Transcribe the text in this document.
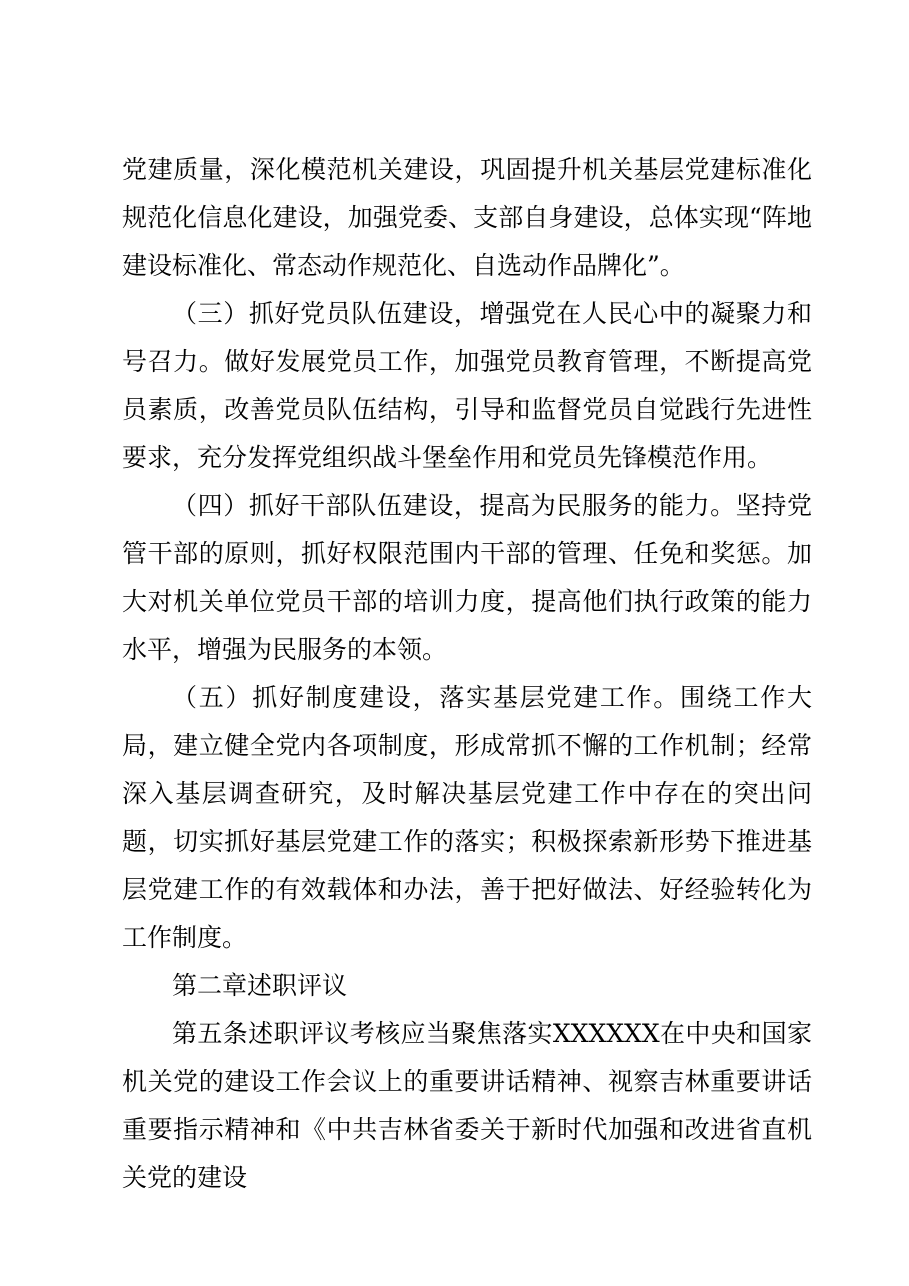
党建质量，深化模范机关建设，巩固提升机关基层党建标准化规范化信息化建设，加强党委、支部自身建设，总体实现“阵地建设标准化、常态动作规范化、自选动作品牌化”。

（三）抓好党员队伍建设，增强党在人民心中的凝聚力和号召力。做好发展党员工作，加强党员教育管理，不断提高党员素质，改善党员队伍结构，引导和监督党员自觉践行先进性要求，充分发挥党组织战斗堡垒作用和党员先锋模范作用。

（四）抓好干部队伍建设，提高为民服务的能力。坚持党管干部的原则，抓好权限范围内干部的管理、任免和奖惩。加大对机关单位党员干部的培训力度，提高他们执行政策的能力水平，增强为民服务的本领。

（五）抓好制度建设，落实基层党建工作。围绕工作大局，建立健全党内各项制度，形成常抓不懈的工作机制；经常深入基层调查研究，及时解决基层党建工作中存在的突出问题，切实抓好基层党建工作的落实；积极探索新形势下推进基层党建工作的有效载体和办法，善于把好做法、好经验转化为工作制度。

第二章述职评议

第五条述职评议考核应当聚焦落实XXXXXX在中央和国家机关党的建设工作会议上的重要讲话精神、视察吉林重要讲话重要指示精神和《中共吉林省委关于新时代加强和改进省直机关党的建设
